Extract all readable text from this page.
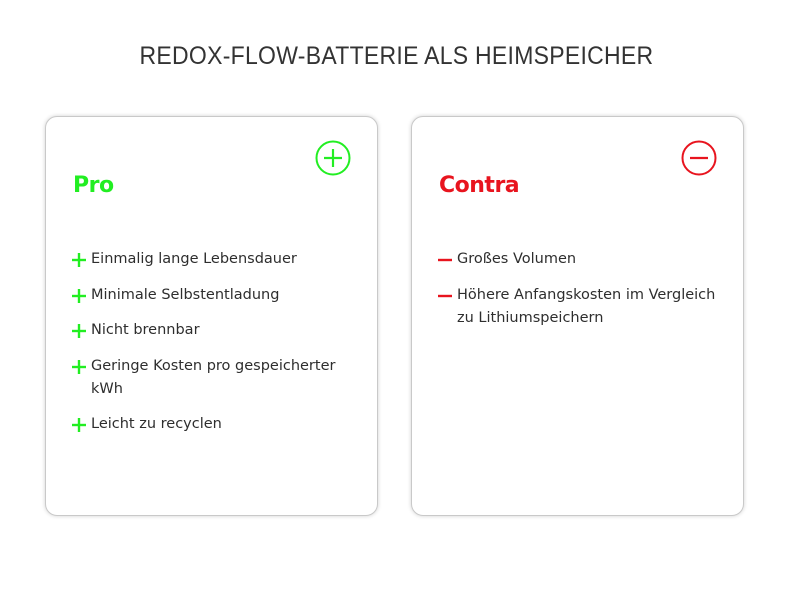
REDOX-FLOW-BATTERIE ALS HEIMSPEICHER
Pro
Einmalig lange Lebensdauer
Minimale Selbstentladung
Nicht brennbar
Geringe Kosten pro gespeicherter kWh
Leicht zu recyclen
Contra
Großes Volumen
Höhere Anfangskosten im Vergleich zu Lithiumspeichern
